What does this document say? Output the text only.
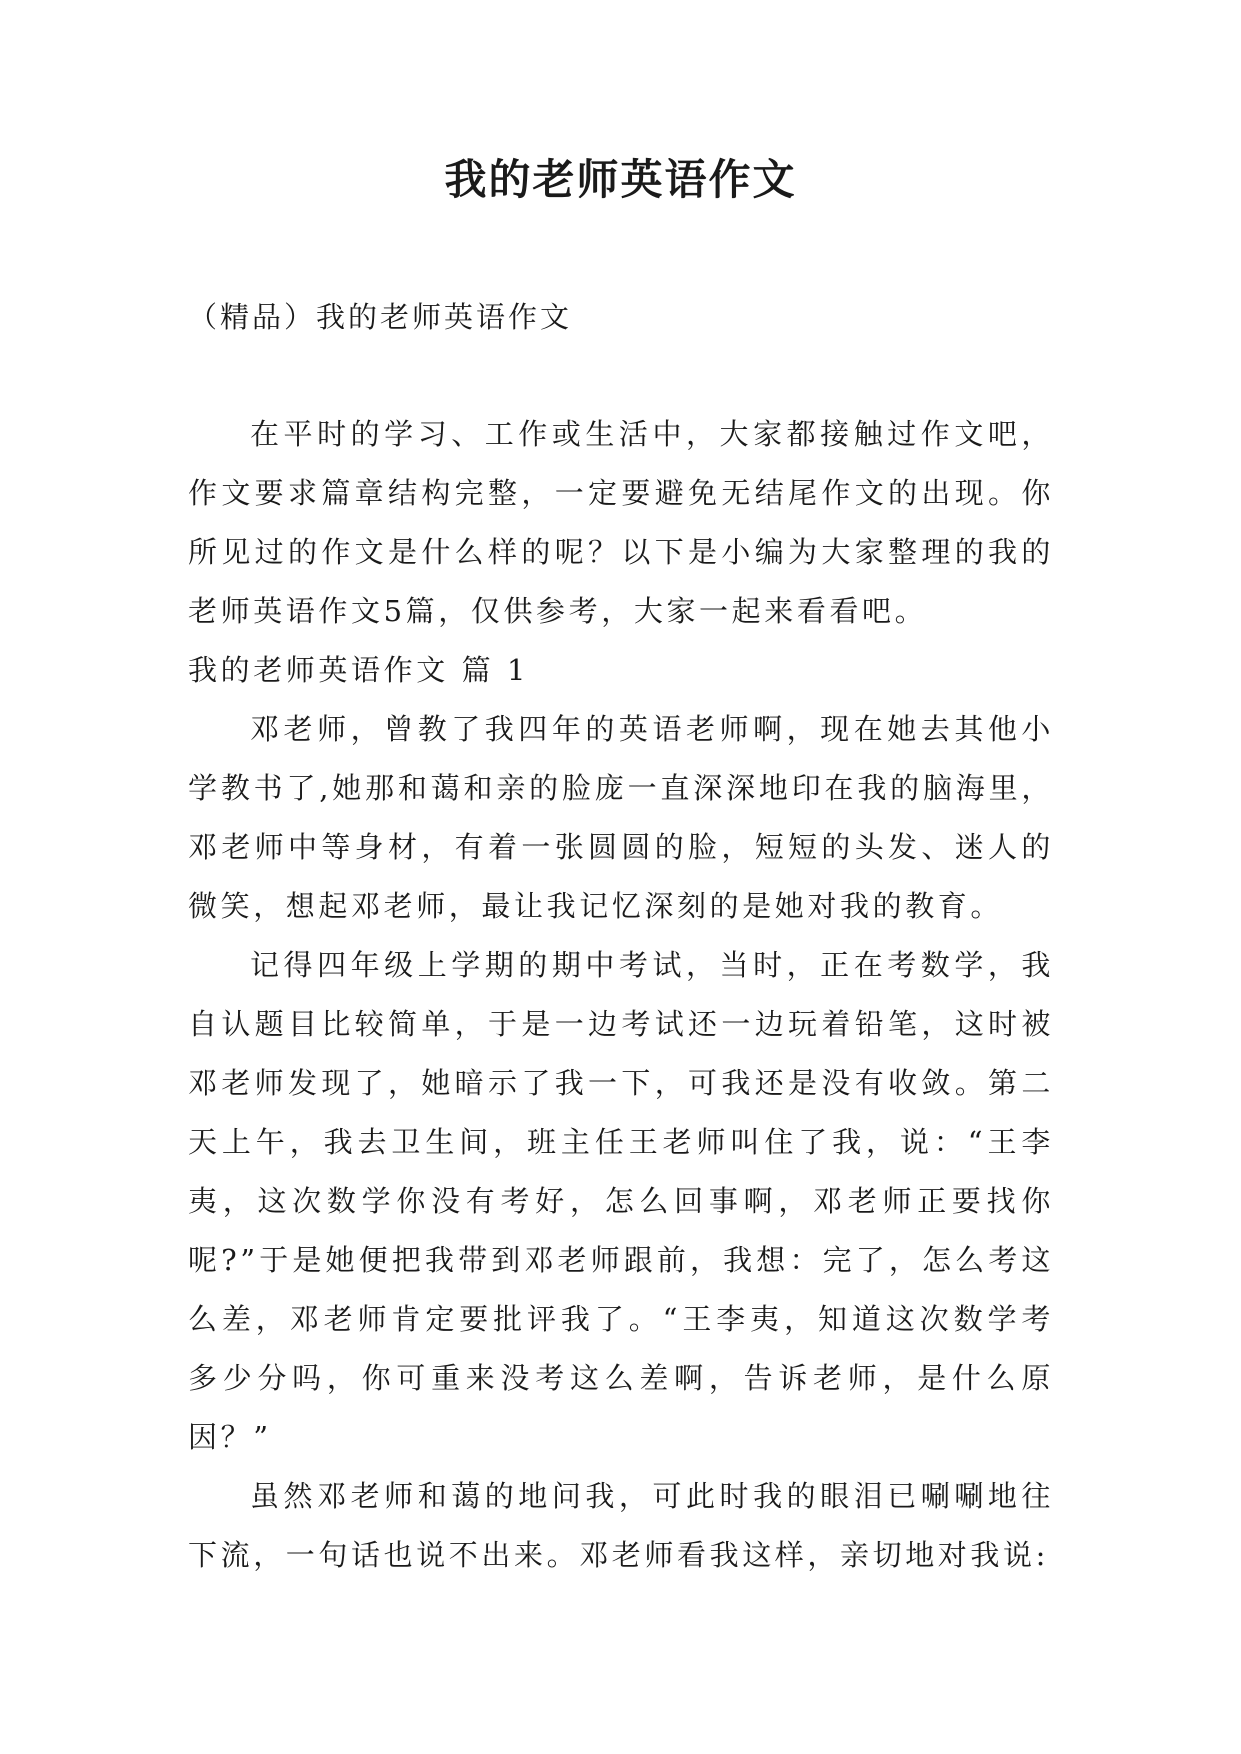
我的老师英语作文

（精品）我的老师英语作文

在平时的学习、工作或生活中，大家都接触过作文吧，作文要求篇章结构完整，一定要避免无结尾作文的出现。你所见过的作文是什么样的呢？以下是小编为大家整理的我的老师英语作文5篇，仅供参考，大家一起来看看吧。

我的老师英语作文 篇 1

邓老师，曾教了我四年的英语老师啊，现在她去其他小学教书了,她那和蔼和亲的脸庞一直深深地印在我的脑海里，邓老师中等身材，有着一张圆圆的脸，短短的头发、迷人的微笑，想起邓老师，最让我记忆深刻的是她对我的教育。

记得四年级上学期的期中考试，当时，正在考数学，我自认题目比较简单，于是一边考试还一边玩着铅笔，这时被邓老师发现了，她暗示了我一下，可我还是没有收敛。第二天上午，我去卫生间，班主任王老师叫住了我，说：“王李夷，这次数学你没有考好，怎么回事啊，邓老师正要找你呢?”于是她便把我带到邓老师跟前，我想：完了，怎么考这么差，邓老师肯定要批评我了。“王李夷，知道这次数学考多少分吗，你可重来没考这么差啊，告诉老师，是什么原因？”

虽然邓老师和蔼的地问我，可此时我的眼泪已唰唰地往下流，一句话也说不出来。邓老师看我这样，亲切地对我说:
